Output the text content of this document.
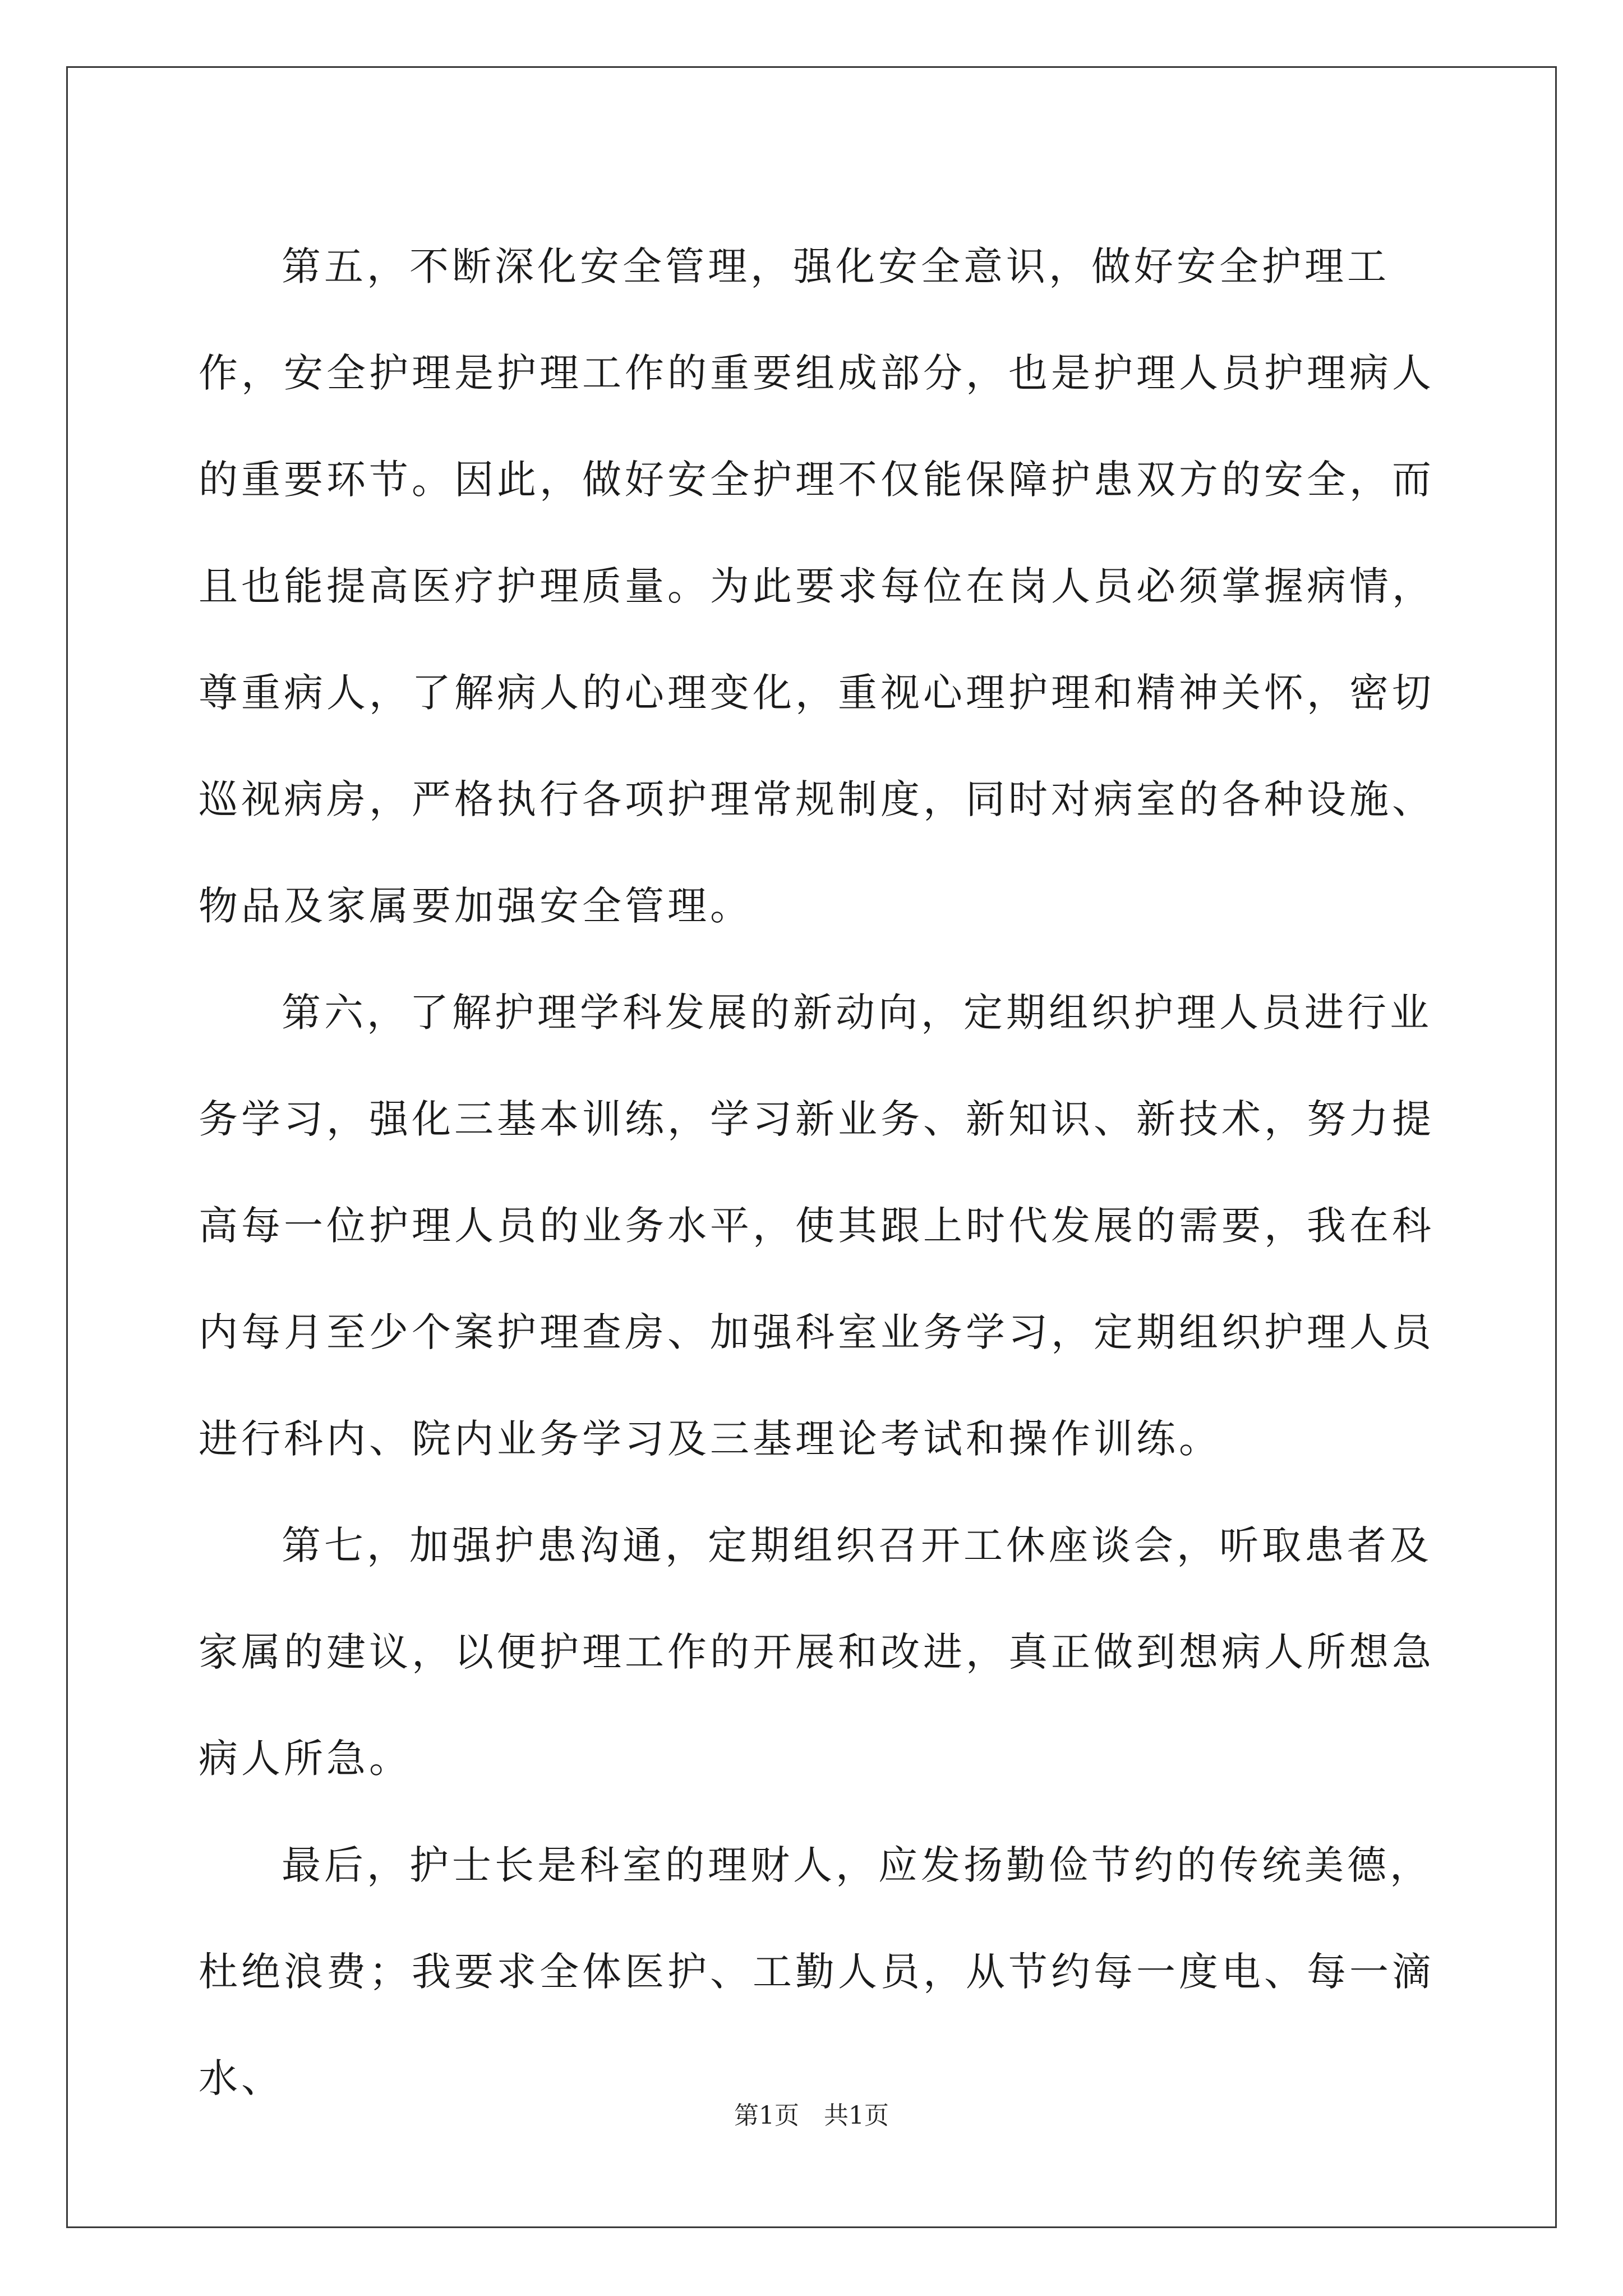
第五，不断深化安全管理，强化安全意识，做好安全护理工作，安全护理是护理工作的重要组成部分，也是护理人员护理病人的重要环节。因此，做好安全护理不仅能保障护患双方的安全，而且也能提高医疗护理质量。为此要求每位在岗人员必须掌握病情，尊重病人，了解病人的心理变化，重视心理护理和精神关怀，密切巡视病房，严格执行各项护理常规制度，同时对病室的各种设施、物品及家属要加强安全管理。

第六，了解护理学科发展的新动向，定期组织护理人员进行业务学习，强化三基本训练，学习新业务、新知识、新技术，努力提高每一位护理人员的业务水平，使其跟上时代发展的需要，我在科内每月至少个案护理查房、加强科室业务学习，定期组织护理人员进行科内、院内业务学习及三基理论考试和操作训练。

第七，加强护患沟通，定期组织召开工休座谈会，听取患者及家属的建议，以便护理工作的开展和改进，真正做到想病人所想急病人所急。

最后，护士长是科室的理财人，应发扬勤俭节约的传统美德，杜绝浪费；我要求全体医护、工勤人员，从节约每一度电、每一滴水、

第1页　共1页
